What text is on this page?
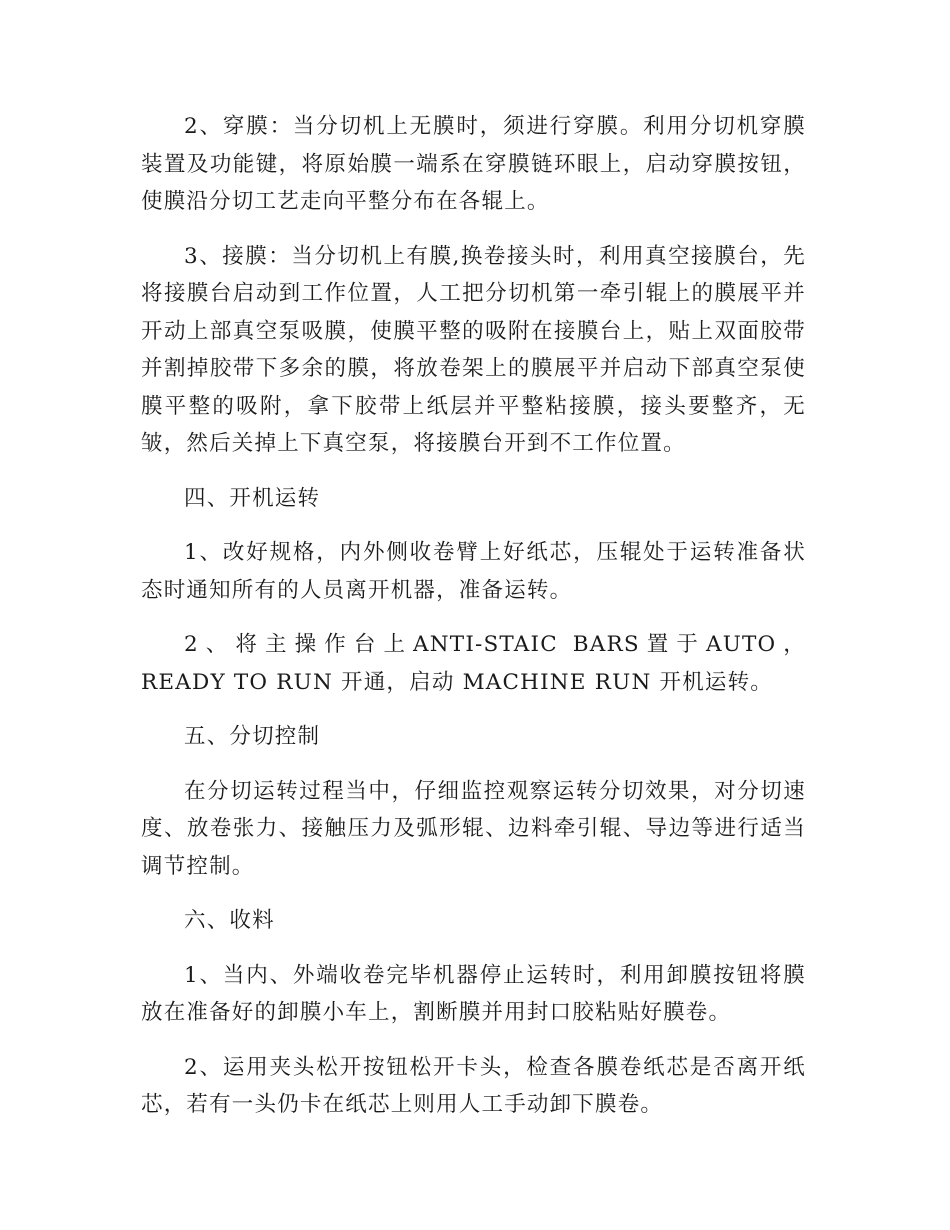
2、穿膜：当分切机上无膜时，须进行穿膜。利用分切机穿膜装置及功能键，将原始膜一端系在穿膜链环眼上，启动穿膜按钮，使膜沿分切工艺走向平整分布在各辊上。

3、接膜：当分切机上有膜,换卷接头时，利用真空接膜台，先将接膜台启动到工作位置，人工把分切机第一牵引辊上的膜展平并开动上部真空泵吸膜，使膜平整的吸附在接膜台上，贴上双面胶带并割掉胶带下多余的膜，将放卷架上的膜展平并启动下部真空泵使膜平整的吸附，拿下胶带上纸层并平整粘接膜，接头要整齐，无皱，然后关掉上下真空泵，将接膜台开到不工作位置。

四、开机运转

1、改好规格，内外侧收卷臂上好纸芯，压辊处于运转准备状态时通知所有的人员离开机器，准备运转。

2、将主操作台上ANTI-STAIC BARS置于AUTO， READY TO RUN 开通，启动 MACHINE RUN 开机运转。

五、分切控制

在分切运转过程当中，仔细监控观察运转分切效果，对分切速度、放卷张力、接触压力及弧形辊、边料牵引辊、导边等进行适当调节控制。

六、收料

1、当内、外端收卷完毕机器停止运转时，利用卸膜按钮将膜放在准备好的卸膜小车上，割断膜并用封口胶粘贴好膜卷。

2、运用夹头松开按钮松开卡头，检查各膜卷纸芯是否离开纸芯，若有一头仍卡在纸芯上则用人工手动卸下膜卷。
